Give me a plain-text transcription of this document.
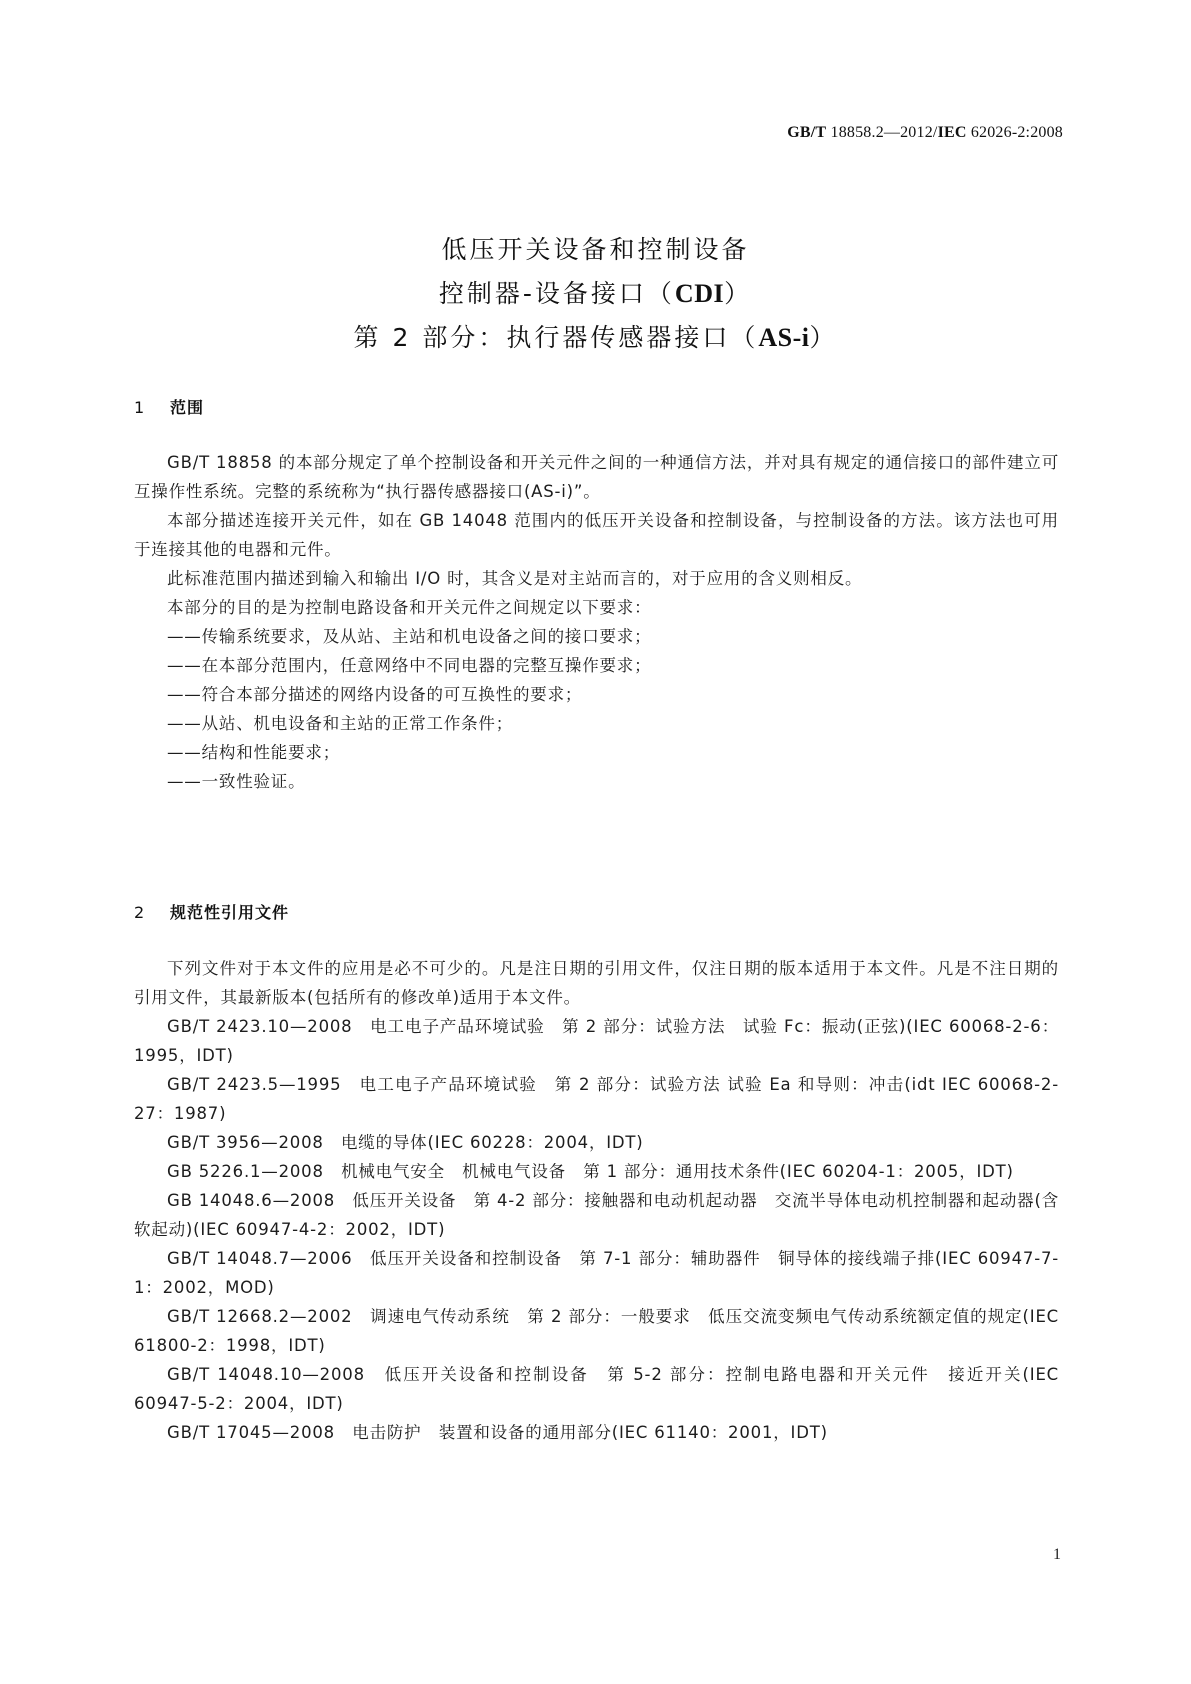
GB/T 18858.2—2012/IEC 62026-2:2008
低压开关设备和控制设备
控制器-设备接口（CDI）
第 2 部分：执行器传感器接口（AS-i）
1 范围

GB/T 18858 的本部分规定了单个控制设备和开关元件之间的一种通信方法，并对具有规定的通信接口的部件建立可互操作性系统。完整的系统称为“执行器传感器接口(AS-i)”。

本部分描述连接开关元件，如在 GB 14048 范围内的低压开关设备和控制设备，与控制设备的方法。该方法也可用于连接其他的电器和元件。

此标准范围内描述到输入和输出 I/O 时，其含义是对主站而言的，对于应用的含义则相反。

本部分的目的是为控制电路设备和开关元件之间规定以下要求：

——传输系统要求，及从站、主站和机电设备之间的接口要求；

——在本部分范围内，任意网络中不同电器的完整互操作要求；

——符合本部分描述的网络内设备的可互换性的要求；

——从站、机电设备和主站的正常工作条件；

——结构和性能要求；

——一致性验证。

2 规范性引用文件

下列文件对于本文件的应用是必不可少的。凡是注日期的引用文件，仅注日期的版本适用于本文件。凡是不注日期的引用文件，其最新版本(包括所有的修改单)适用于本文件。

GB/T 2423.10—2008　电工电子产品环境试验　第 2 部分：试验方法　试验 Fc：振动(正弦)(IEC 60068-2-6：1995，IDT)

GB/T 2423.5—1995　电工电子产品环境试验　第 2 部分：试验方法 试验 Ea 和导则：冲击(idt IEC 60068-2-27：1987)

GB/T 3956—2008　电缆的导体(IEC 60228：2004，IDT)

GB 5226.1—2008　机械电气安全　机械电气设备　第 1 部分：通用技术条件(IEC 60204-1：2005，IDT)

GB 14048.6—2008　低压开关设备　第 4-2 部分：接触器和电动机起动器　交流半导体电动机控制器和起动器(含软起动)(IEC 60947-4-2：2002，IDT)

GB/T 14048.7—2006　低压开关设备和控制设备　第 7-1 部分：辅助器件　铜导体的接线端子排(IEC 60947-7-1：2002，MOD)

GB/T 12668.2—2002　调速电气传动系统　第 2 部分：一般要求　低压交流变频电气传动系统额定值的规定(IEC 61800-2：1998，IDT)

GB/T 14048.10—2008　低压开关设备和控制设备　第 5-2 部分：控制电路电器和开关元件　接近开关(IEC 60947-5-2：2004，IDT)

GB/T 17045—2008　电击防护　装置和设备的通用部分(IEC 61140：2001，IDT)

1
